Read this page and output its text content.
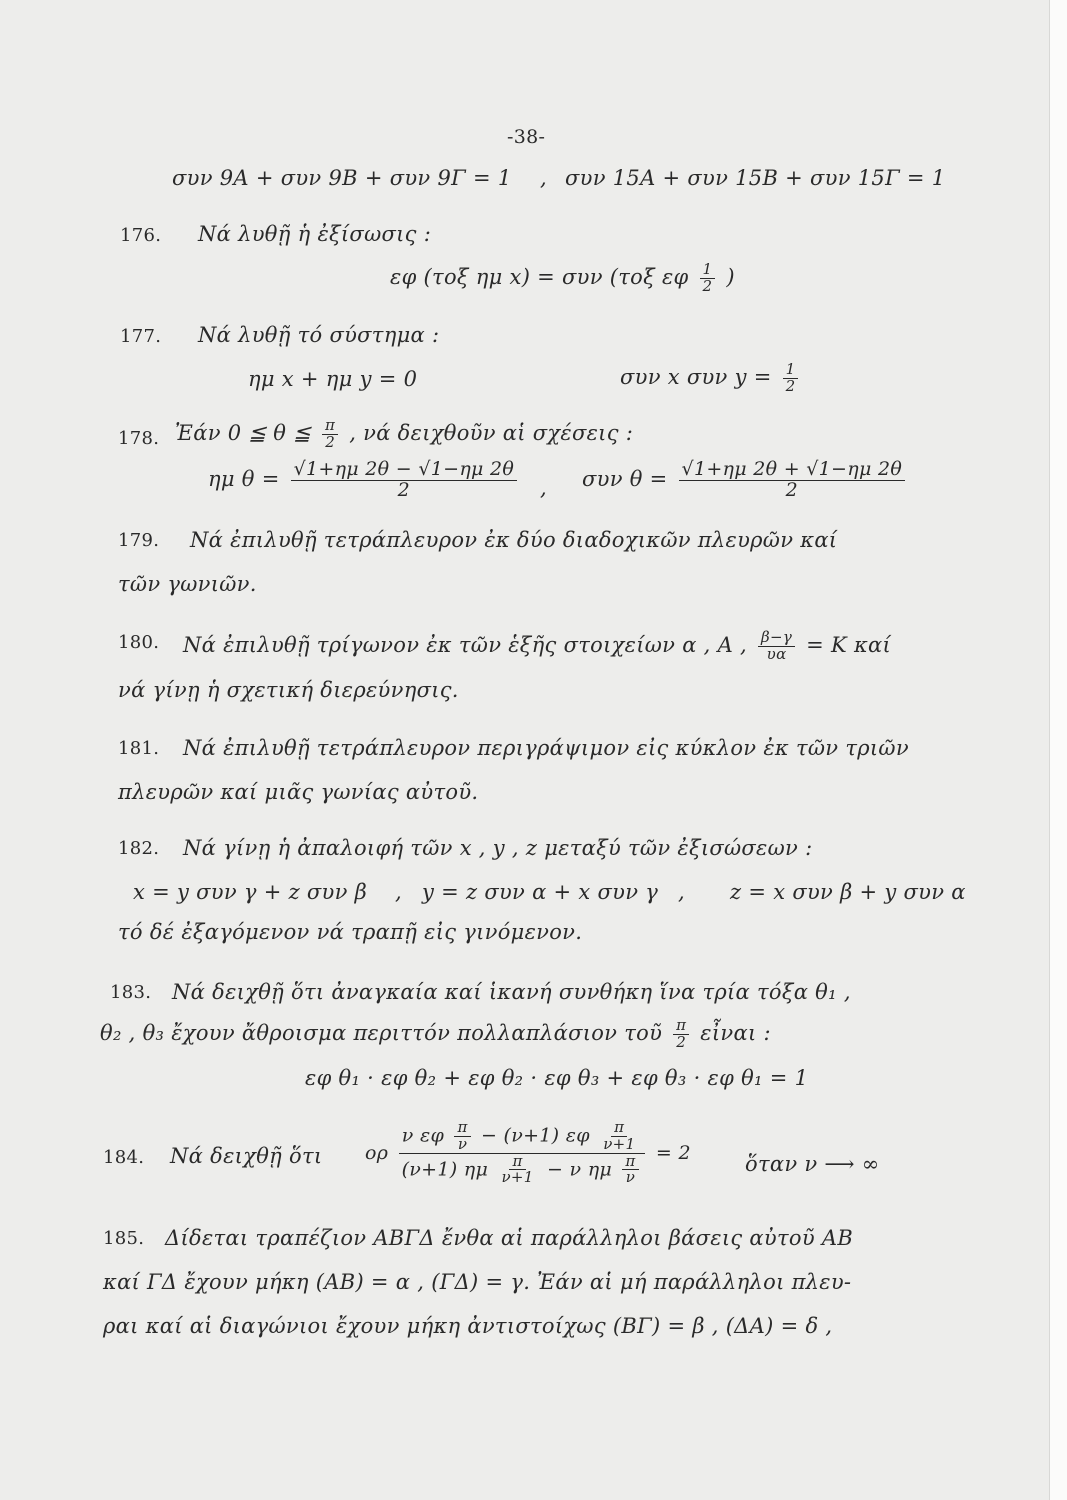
-38-
συν 9Α + συν 9Β + συν 9Γ = 1 , συν 15Α + συν 15Β + συν 15Γ = 1
176. Νά λυθῇ ἡ ἐξίσωσις :
εφ (τοξ ημ x) = συν (τοξ εφ $\frac{1}{2}$ )
177. Νά λυθῇ τό σύστημα :
ημ x + ημ y = 0	συν x συν $y = \frac{1}{2}$
178. Ἐάν 0 ≦ θ ≦ $\frac{\pi}{2}$ , νά δειχθοῦν αἱ σχέσεις :
ημ $\theta = \frac{√1+\eta\mu 2\theta - √1-\eta\mu 2\theta}{2}$ , συν $\theta = \frac{√1+\eta\mu 2\theta + √1-\eta\mu 2\theta}{2}$
179. Νά ἐπιλυθῇ τετράπλευρον ἐκ δύο διαδοχικῶν πλευρῶν καί
τῶν γωνιῶν.
180. Νά ἐπιλυθῇ τρίγωνον ἐκ τῶν ἑξῆς στοιχείων α , Α , $\frac{\beta-\gamma}{\upsilon\alpha} = K$ καί
νά γίνῃ ἡ σχετική διερεύνησις.
181. Νά ἐπιλυθῇ τετράπλευρον περιγράψιμον εἰς κύκλον ἐκ τῶν τριῶν
πλευρῶν καί μιᾶς γωνίας αὐτοῦ.
182. Νά γίνῃ ἡ ἀπαλοιφή τῶν x , y , z μεταξύ τῶν ἐξισώσεων :
x = y συν γ + z συν β , y = z συν α + x συν γ , z = x συν β + y συν α
τό δέ ἐξαγόμενον νά τραπῇ εἰς γινόμενον.
183. Νά δειχθῇ ὅτι ἀναγκαία καί ἱκανή συνθήκη ἵνα τρία τόξα θ₁ ,
θ₂ , θ₃ ἔχουν ἄθροισμα περιττόν πολλαπλάσιον τοῦ $\frac{\pi}{2}$ εἶναι :
εφ θ₁ · εφ θ₂ + εφ θ₂ · εφ θ₃ + εφ θ₃ · εφ θ₁ = 1
184. Νά δειχθῇ ὅτι ορ $\frac{\nu \varepsilon\varphi \frac{\pi}{\nu} - (\nu+1) \varepsilon\varphi \frac{\pi}{\nu+1}}{(\nu+1) \eta\mu \frac{\pi}{\nu+1} - \nu \eta\mu \frac{\pi}{\nu}} = 2$	ὅταν ν ⟶ ∞
185. Δίδεται τραπέζιον ΑΒΓΔ ἔνθα αἱ παράλληλοι βάσεις αὐτοῦ ΑΒ
καί ΓΔ ἔχουν μήκη (ΑΒ) = α , (ΓΔ) = γ. Ἐάν αἱ μή παράλληλοι πλευ-
ραι καί αἱ διαγώνιοι ἔχουν μήκη ἀντιστοίχως (ΒΓ) = β , (ΔΑ) = δ ,
